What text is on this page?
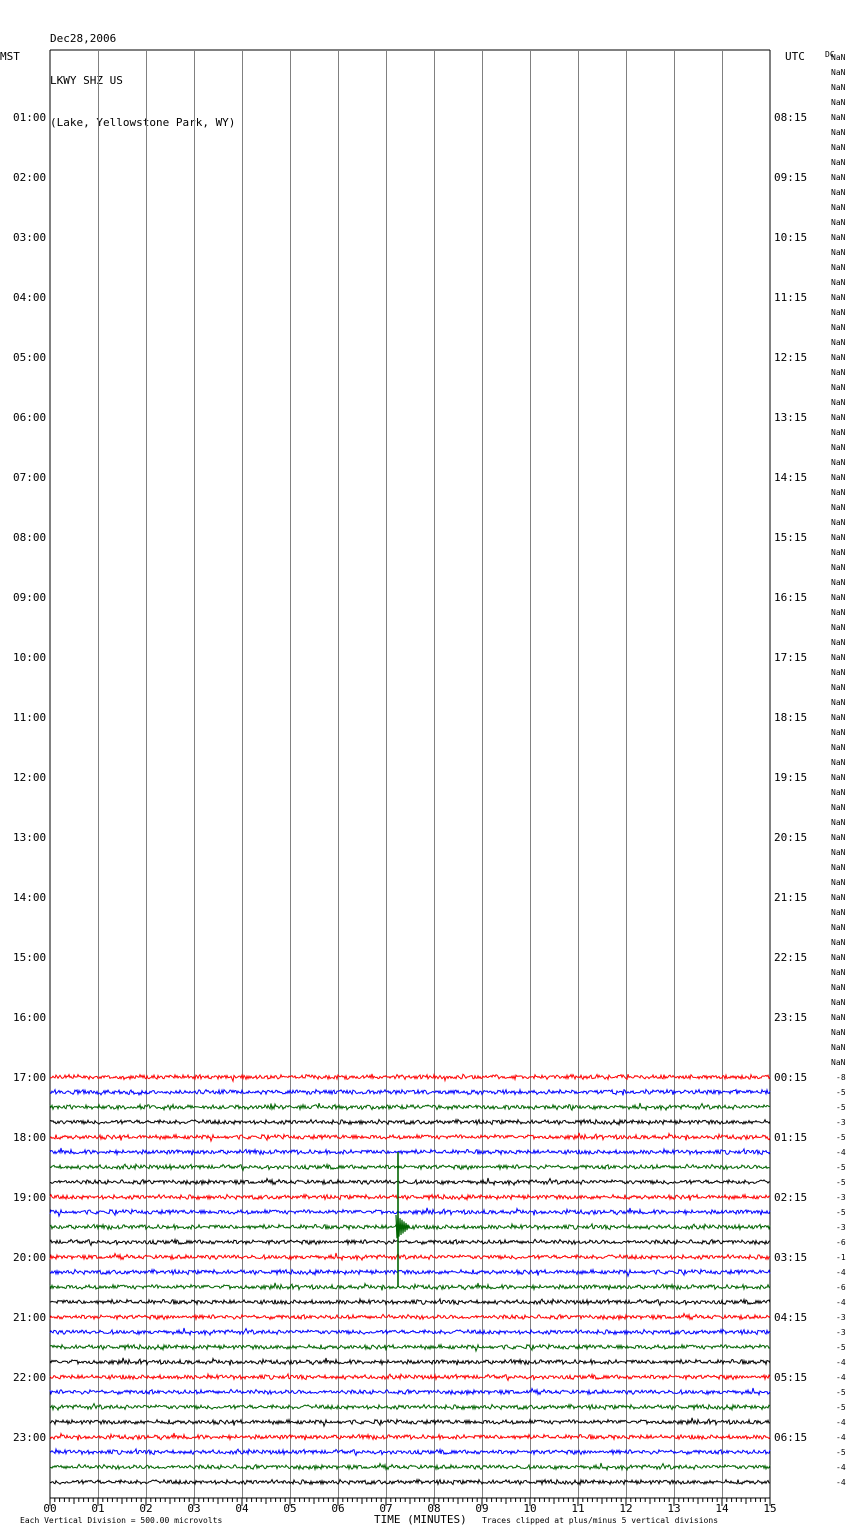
Dec28,2006

LKWY SHZ US

(Lake, Yellowstone Park, WY)

01:00
02:00
03:00
04:00
05:00
06:00
07:00
08:00
09:00
10:00
11:00
12:00
13:00
14:00
15:00
16:00
17:00
18:00
19:00
20:00
21:00
22:00
23:00
08:15
09:15
10:15
11:15
12:15
13:15
14:15
15:15
16:15
17:15
18:15
19:15
20:15
21:15
22:15
23:15
00:15
01:15
02:15
03:15
04:15
05:15
06:15
NaN
NaN
NaN
NaN
NaN
NaN
NaN
NaN
NaN
NaN
NaN
NaN
NaN
NaN
NaN
NaN
NaN
NaN
NaN
NaN
NaN
NaN
NaN
NaN
NaN
NaN
NaN
NaN
NaN
NaN
NaN
NaN
NaN
NaN
NaN
NaN
NaN
NaN
NaN
NaN
NaN
NaN
NaN
NaN
NaN
NaN
NaN
NaN
NaN
NaN
NaN
NaN
NaN
NaN
NaN
NaN
NaN
NaN
NaN
NaN
NaN
NaN
NaN
NaN
NaN
NaN
NaN
NaN
-8
-5
-5
-3
-5
-4
-5
-5
-3
-5
-3
-6
-1
-4
-6
-4
-3
-3
-5
-4
-4
-5
-5
-4
-4
-5
-4
-4
00	01	02	03	04	05	06	07	08	09	10	11	12	13	14	15
MST	UTC	DC
Each Vertical Division = 500.00 microvolts	TIME (MINUTES) Traces clipped at plus/minus 5 vertical divisions
